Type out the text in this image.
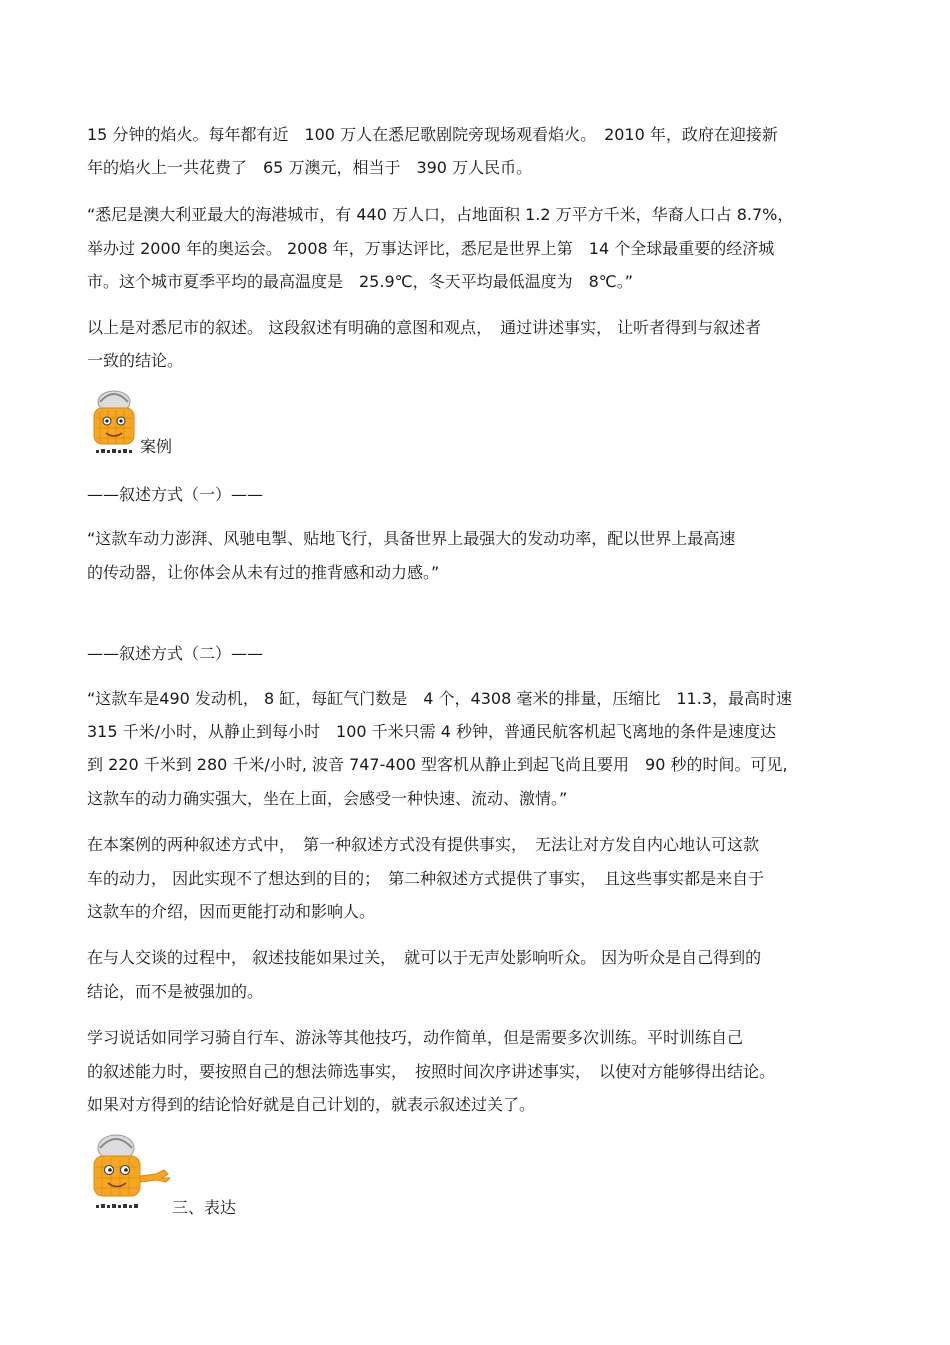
15 分钟的焰火。每年都有近　100 万人在悉尼歌剧院旁现场观看焰火。　2010 年，政府在迎接新
年的焰火上一共花费了　65 万澳元，相当于　390 万人民币。
“悉尼是澳大利亚最大的海港城市，有 440 万人口，占地面积 1.2 万平方千米，华裔人口占 8.7%，
举办过 2000 年的奥运会。 2008 年，万事达评比，悉尼是世界上第　14 个全球最重要的经济城
市。这个城市夏季平均的最高温度是　25.9℃，冬天平均最低温度为　8℃。”
以上是对悉尼市的叙述。 这段叙述有明确的意图和观点，　通过讲述事实， 让听者得到与叙述者
一致的结论。
案例
——叙述方式（一）——
“这款车动力澎湃、风驰电掣、贴地飞行，具备世界上最强大的发动功率，配以世界上最高速
的传动器，让你体会从未有过的推背感和动力感。”
——叙述方式（二）——
“这款车是490 发动机， 8 缸，每缸气门数是　4 个，4308 毫米的排量，压缩比　11.3，最高时速
315 千米/小时，从静止到每小时　100 千米只需 4 秒钟，普通民航客机起飞离地的条件是速度达
到 220 千米到 280 千米/小时, 波音 747-400 型客机从静止到起飞尚且要用　90 秒的时间。可见,
这款车的动力确实强大，坐在上面，会感受一种快速、流动、激情。”
在本案例的两种叙述方式中，　第一种叙述方式没有提供事实，　无法让对方发自内心地认可这款
车的动力， 因此实现不了想达到的目的；　第二种叙述方式提供了事实，　且这些事实都是来自于
这款车的介绍，因而更能打动和影响人。
在与人交谈的过程中， 叙述技能如果过关，　就可以于无声处影响听众。 因为听众是自己得到的
结论，而不是被强加的。
学习说话如同学习骑自行车、游泳等其他技巧，动作简单，但是需要多次训练。平时训练自己
的叙述能力时，要按照自己的想法筛选事实，　按照时间次序讲述事实，　以使对方能够得出结论。
如果对方得到的结论恰好就是自己计划的，就表示叙述过关了。
三、表达
